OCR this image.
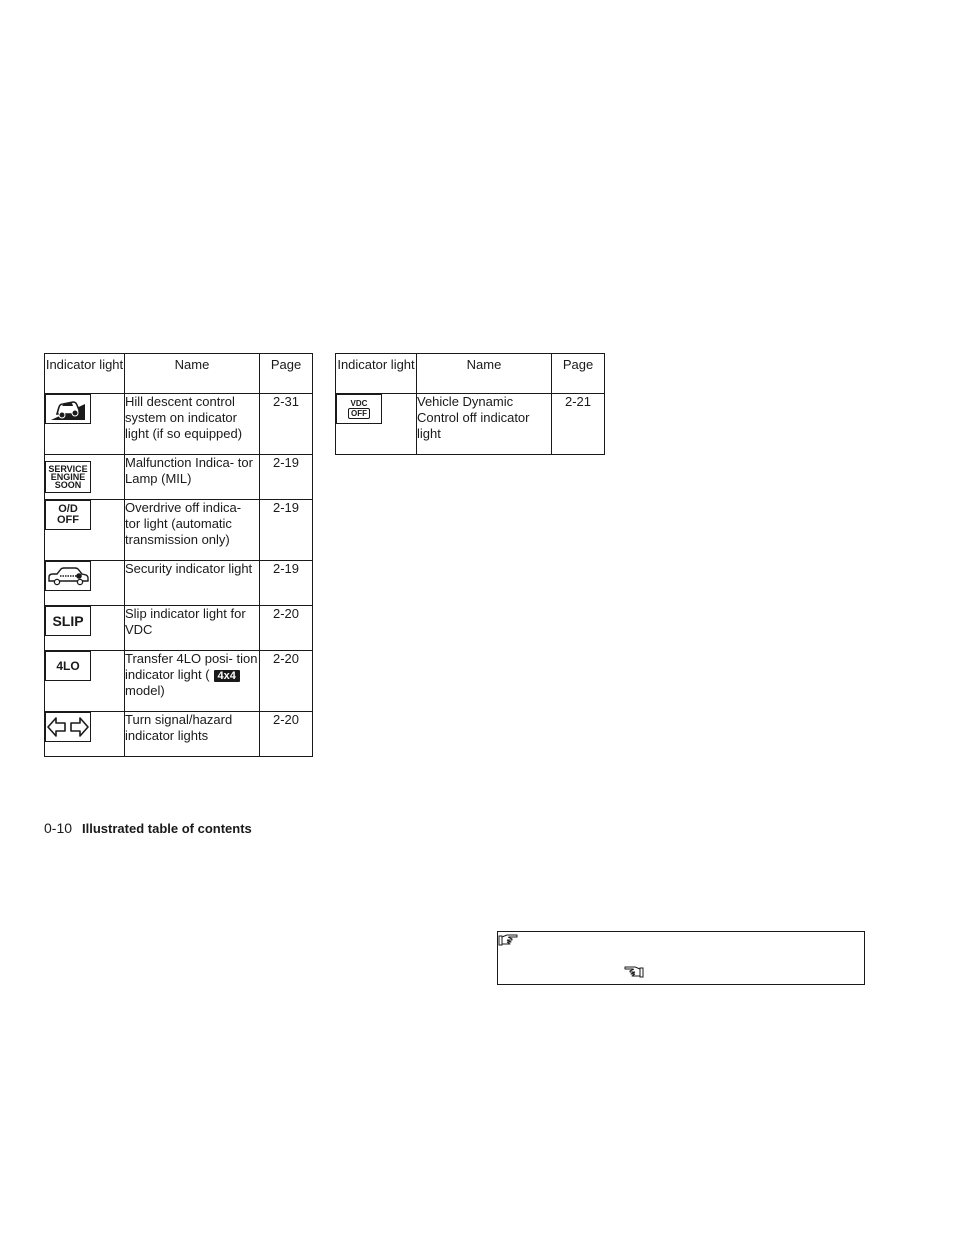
Indicator light	Name	Page

	Hill descent control system on indicator light (if so equipped)	2-31

SERVICE
ENGINE
SOON	Malfunction Indica- tor Lamp (MIL)	2-19

O/D
OFF	Overdrive off indica- tor light (automatic transmission only)	2-19

	Security indicator light	2-19

SLIP	Slip indicator light for VDC	2-20

4LO	Transfer 4LO posi- tion indicator light ( 4x4model)	2-20

	Turn signal/hazard indicator lights	2-20
Indicator light	Name	Page

VDC
OFF	Vehicle Dynamic Control off indicator light	2-21
0-10 Illustrated table of contents
